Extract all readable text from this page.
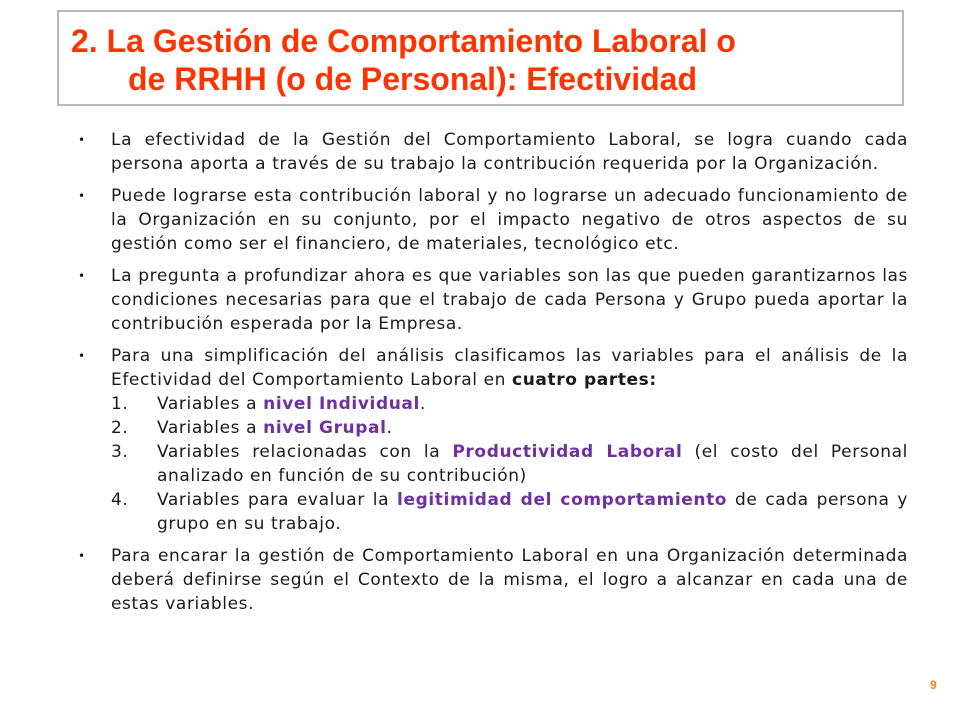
2. La Gestión de Comportamiento Laboral o
de RRHH (o de Personal): Efectividad
• La efectividad de la Gestión del Comportamiento Laboral, se logra cuando cada persona aporta a través de su trabajo la contribución requerida por la Organización.
• Puede lograrse esta contribución laboral y no lograrse un adecuado funcionamiento de la Organización en su conjunto, por el impacto negativo de otros aspectos de su gestión como ser el financiero, de materiales, tecnológico etc.
• La pregunta a profundizar ahora es que variables son las que pueden garantizarnos las condiciones necesarias para que el trabajo de cada Persona y Grupo pueda aportar la contribución esperada por la Empresa.
• Para una simplificación del análisis clasificamos las variables para el análisis de la Efectividad del Comportamiento Laboral en cuatro partes:
1. Variables a nivel Individual.
2. Variables a nivel Grupal.
3. Variables relacionadas con la Productividad Laboral (el costo del Personal analizado en función de su contribución)
4. Variables para evaluar la legitimidad del comportamiento de cada persona y grupo en su trabajo.
• Para encarar la gestión de Comportamiento Laboral en una Organización determinada deberá definirse según el Contexto de la misma, el logro a alcanzar en cada una de estas variables.
9
